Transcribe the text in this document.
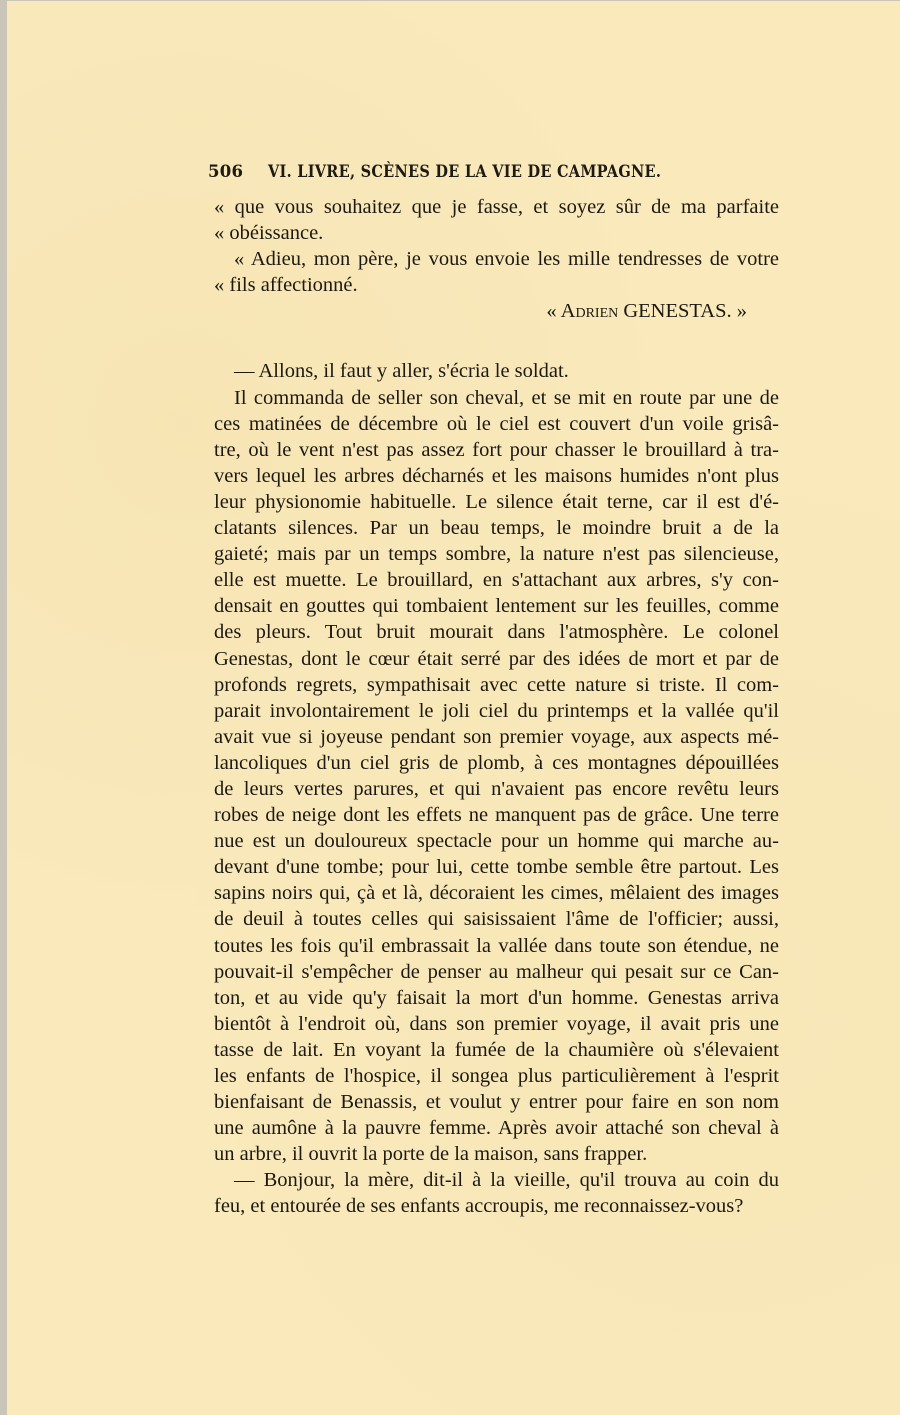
506 VI. LIVRE, SCÈNES DE LA VIE DE CAMPAGNE.
« que vous souhaitez que je fasse, et soyez sûr de ma parfaite
« obéissance.
« Adieu, mon père, je vous envoie les mille tendresses de votre
« fils affectionné.
« Adrien GENESTAS. »
— Allons, il faut y aller, s'écria le soldat.
Il commanda de seller son cheval, et se mit en route par une de
ces matinées de décembre où le ciel est couvert d'un voile grisâ-
tre, où le vent n'est pas assez fort pour chasser le brouillard à tra-
vers lequel les arbres décharnés et les maisons humides n'ont plus
leur physionomie habituelle. Le silence était terne, car il est d'é-
clatants silences. Par un beau temps, le moindre bruit a de la
gaieté; mais par un temps sombre, la nature n'est pas silencieuse,
elle est muette. Le brouillard, en s'attachant aux arbres, s'y con-
densait en gouttes qui tombaient lentement sur les feuilles, comme
des pleurs. Tout bruit mourait dans l'atmosphère. Le colonel
Genestas, dont le cœur était serré par des idées de mort et par de
profonds regrets, sympathisait avec cette nature si triste. Il com-
parait involontairement le joli ciel du printemps et la vallée qu'il
avait vue si joyeuse pendant son premier voyage, aux aspects mé-
lancoliques d'un ciel gris de plomb, à ces montagnes dépouillées
de leurs vertes parures, et qui n'avaient pas encore revêtu leurs
robes de neige dont les effets ne manquent pas de grâce. Une terre
nue est un douloureux spectacle pour un homme qui marche au-
devant d'une tombe; pour lui, cette tombe semble être partout. Les
sapins noirs qui, çà et là, décoraient les cimes, mêlaient des images
de deuil à toutes celles qui saisissaient l'âme de l'officier; aussi,
toutes les fois qu'il embrassait la vallée dans toute son étendue, ne
pouvait-il s'empêcher de penser au malheur qui pesait sur ce Can-
ton, et au vide qu'y faisait la mort d'un homme. Genestas arriva
bientôt à l'endroit où, dans son premier voyage, il avait pris une
tasse de lait. En voyant la fumée de la chaumière où s'élevaient
les enfants de l'hospice, il songea plus particulièrement à l'esprit
bienfaisant de Benassis, et voulut y entrer pour faire en son nom
une aumône à la pauvre femme. Après avoir attaché son cheval à
un arbre, il ouvrit la porte de la maison, sans frapper.
— Bonjour, la mère, dit-il à la vieille, qu'il trouva au coin du
feu, et entourée de ses enfants accroupis, me reconnaissez-vous?
